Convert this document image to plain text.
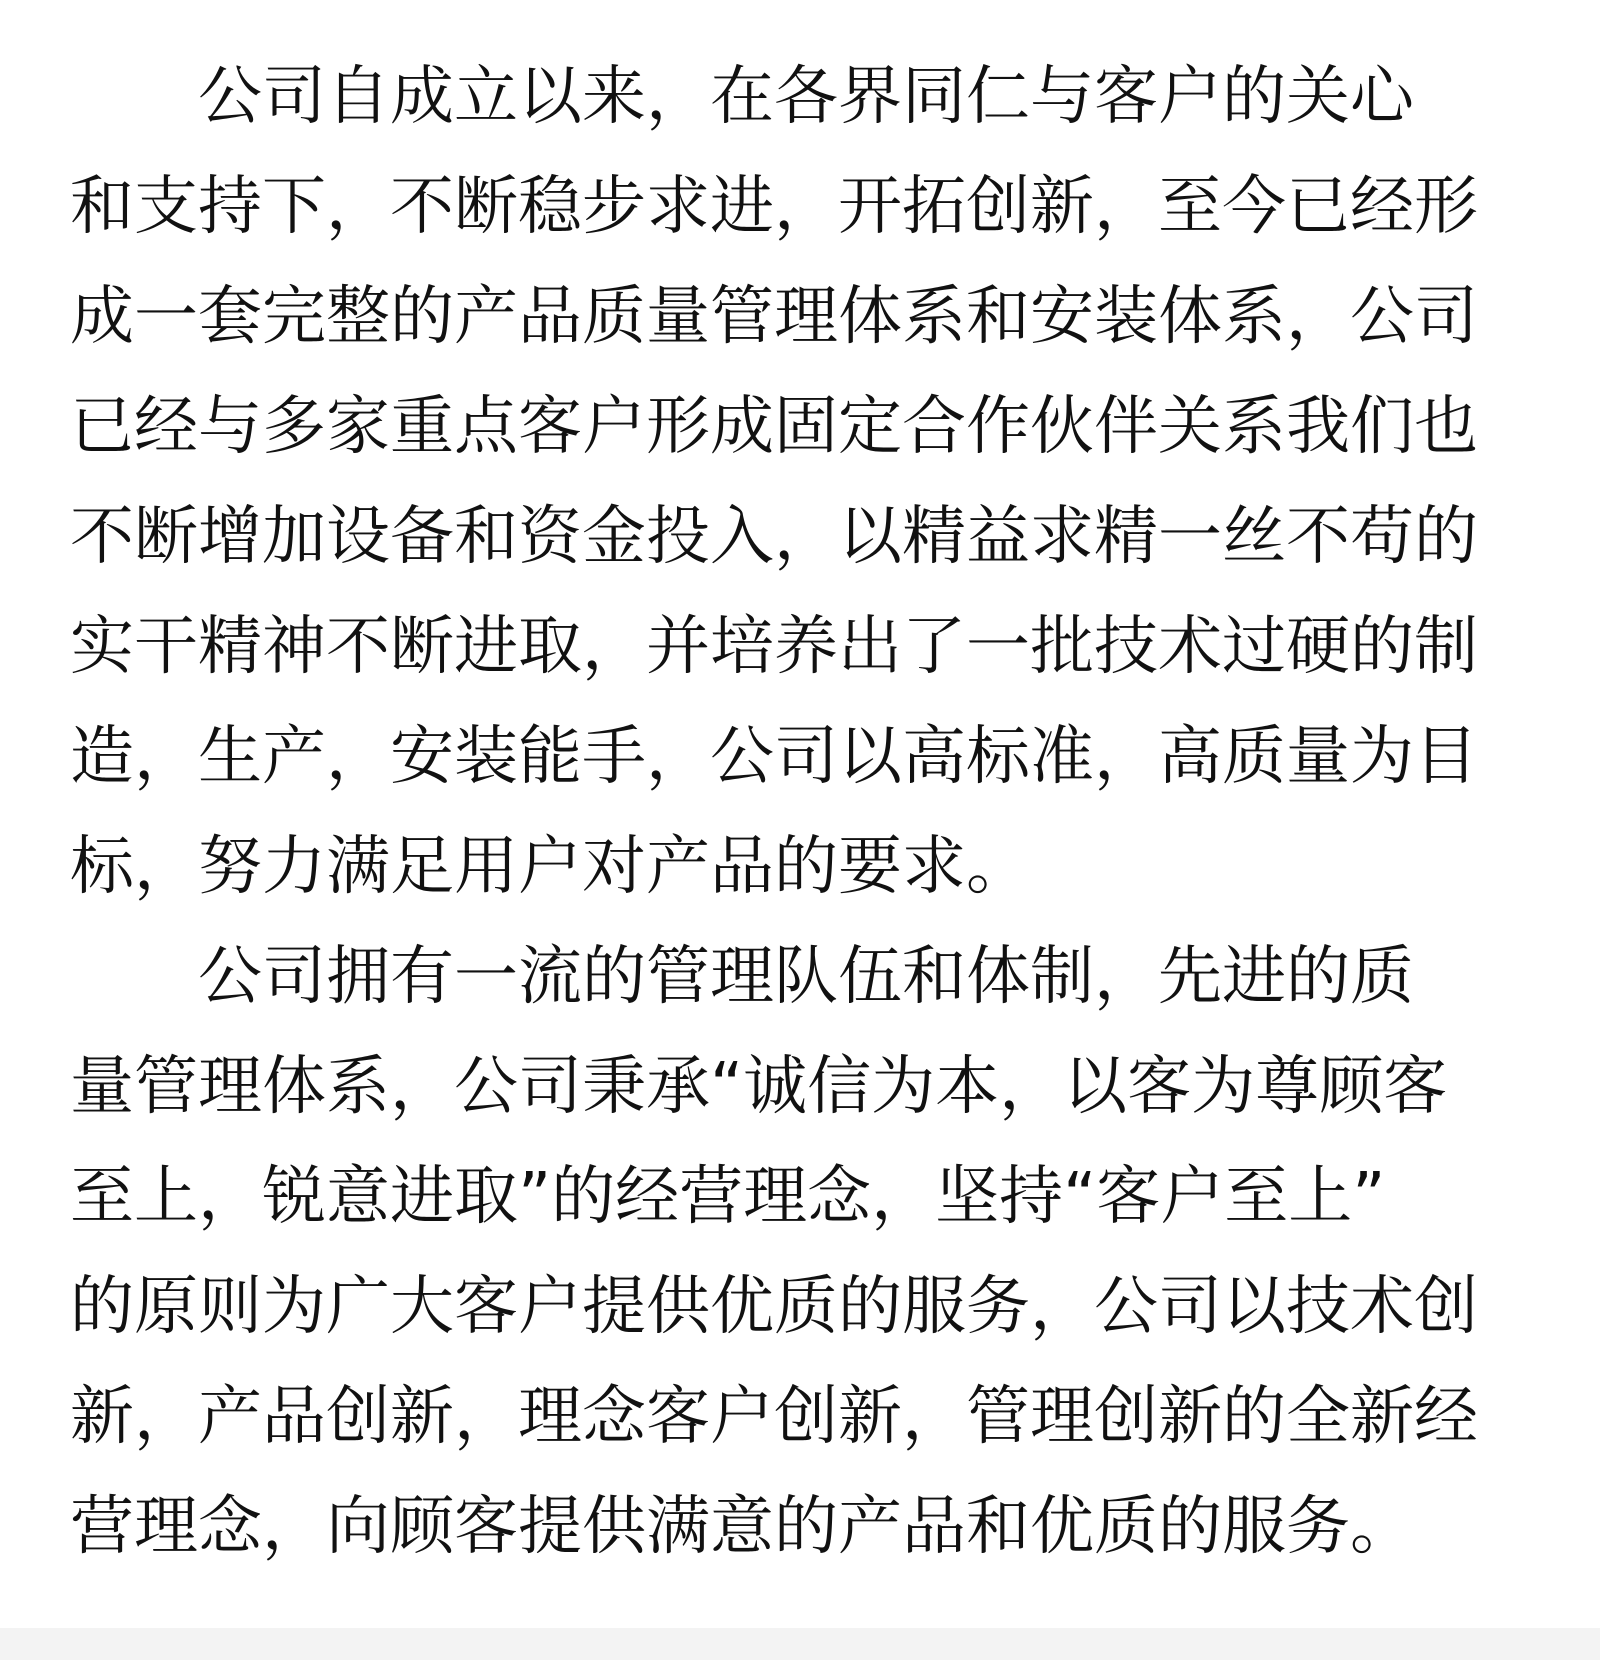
公司自成立以来，在各界同仁与客户的关心
和支持下，不断稳步求进，开拓创新，至今已经形
成一套完整的产品质量管理体系和安装体系，公司
已经与多家重点客户形成固定合作伙伴关系我们也
不断增加设备和资金投入，以精益求精一丝不苟的
实干精神不断进取，并培养出了一批技术过硬的制
造，生产，安装能手，公司以高标准，高质量为目
标，努力满足用户对产品的要求。
公司拥有一流的管理队伍和体制，先进的质
量管理体系，公司秉承“诚信为本，以客为尊顾客
至上，锐意进取”的经营理念，坚持“客户至上”
的原则为广大客户提供优质的服务，公司以技术创
新，产品创新，理念客户创新，管理创新的全新经
营理念，向顾客提供满意的产品和优质的服务。
